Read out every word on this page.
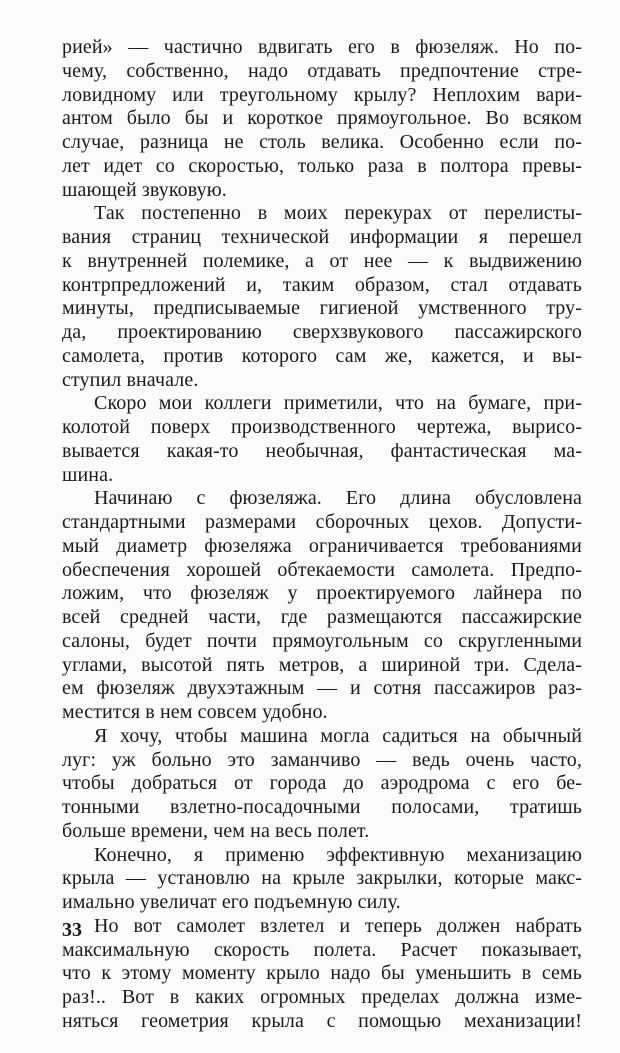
рией» — частично вдвигать его в фюзеляж. Но по-
чему, собственно, надо отдавать предпочтение стре-
ловидному или треугольному крылу? Неплохим вари-
антом было бы и короткое прямоугольное. Во всяком
случае, разница не столь велика. Особенно если по-
лет идет со скоростью, только раза в полтора превы-
шающей звуковую.
Так постепенно в моих перекурах от перелисты-
вания страниц технической информации я перешел
к внутренней полемике, а от нее — к выдвижению
контрпредложений и, таким образом, стал отдавать
минуты, предписываемые гигиеной умственного тру-
да, проектированию сверхзвукового пассажирского
самолета, против которого сам же, кажется, и вы-
ступил вначале.
Скоро мои коллеги приметили, что на бумаге, при-
колотой поверх производственного чертежа, вырисо-
вывается какая-то необычная, фантастическая ма-
шина.
Начинаю с фюзеляжа. Его длина обусловлена
стандартными размерами сборочных цехов. Допусти-
мый диаметр фюзеляжа ограничивается требованиями
обеспечения хорошей обтекаемости самолета. Предпо-
ложим, что фюзеляж у проектируемого лайнера по
всей средней части, где размещаются пассажирские
салоны, будет почти прямоугольным со скругленными
углами, высотой пять метров, а шириной три. Сдела-
ем фюзеляж двухэтажным — и сотня пассажиров раз-
местится в нем совсем удобно.
Я хочу, чтобы машина могла садиться на обычный
луг: уж больно это заманчиво — ведь очень часто,
чтобы добраться от города до аэродрома с его бе-
тонными взлетно-посадочными полосами, тратишь
больше времени, чем на весь полет.
Конечно, я применю эффективную механизацию
крыла — установлю на крыле закрылки, которые макс-
имально увеличат его подъемную силу.
Но вот самолет взлетел и теперь должен набрать
максимальную скорость полета. Расчет показывает,
что к этому моменту крыло надо бы уменьшить в семь
раз!.. Вот в каких огромных пределах должна изме-
няться геометрия крыла с помощью механизации!
33
